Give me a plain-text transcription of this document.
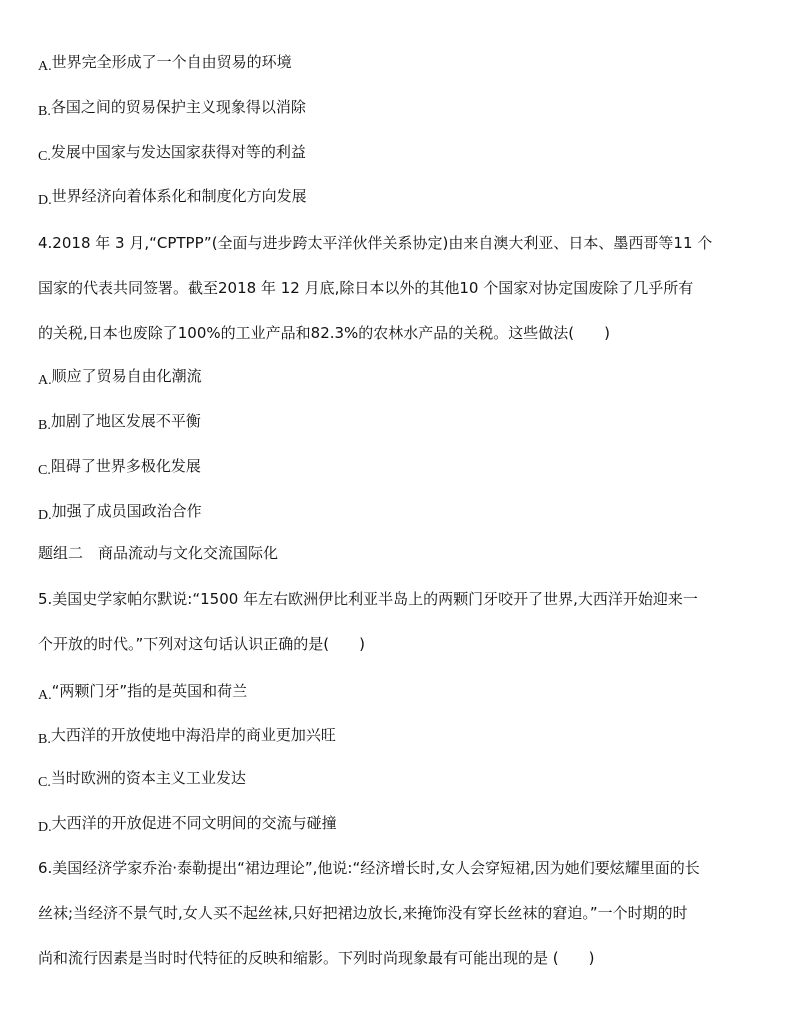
A.世界完全形成了一个自由贸易的环境
B.各国之间的贸易保护主义现象得以消除
C.发展中国家与发达国家获得对等的利益
D.世界经济向着体系化和制度化方向发展
4.2018 年 3 月,“CPTPP”(全面与进步跨太平洋伙伴关系协定)由来自澳大利亚、日本、墨西哥等11 个
国家的代表共同签署。截至2018 年 12 月底,除日本以外的其他10 个国家对协定国废除了几乎所有
的关税,日本也废除了100%的工业产品和82.3%的农林水产品的关税。这些做法(　　)
A.顺应了贸易自由化潮流
B.加剧了地区发展不平衡
C.阻碍了世界多极化发展
D.加强了成员国政治合作
题组二　商品流动与文化交流国际化
5.美国史学家帕尔默说:“1500 年左右欧洲伊比利亚半岛上的两颗门牙咬开了世界,大西洋开始迎来一
个开放的时代。”下列对这句话认识正确的是(　　)
A.“两颗门牙”指的是英国和荷兰
B.大西洋的开放使地中海沿岸的商业更加兴旺
C.当时欧洲的资本主义工业发达
D.大西洋的开放促进不同文明间的交流与碰撞
6.美国经济学家乔治·泰勒提出“裙边理论”,他说:“经济增长时,女人会穿短裙,因为她们要炫耀里面的长
丝袜;当经济不景气时,女人买不起丝袜,只好把裙边放长,来掩饰没有穿长丝袜的窘迫。”一个时期的时
尚和流行因素是当时时代特征的反映和缩影。下列时尚现象最有可能出现的是 (　　)
